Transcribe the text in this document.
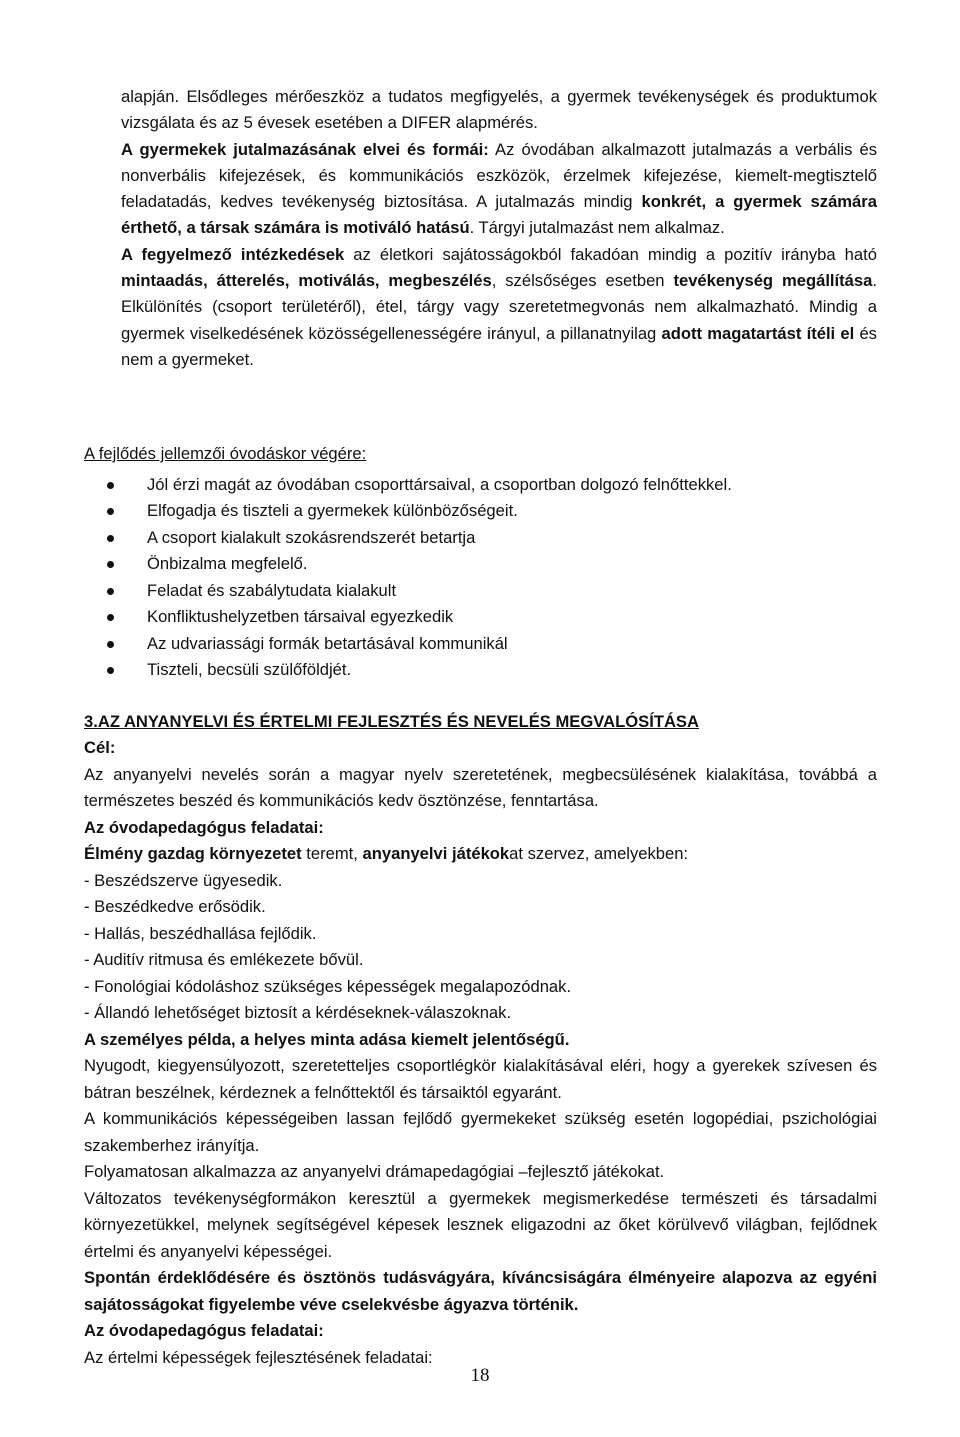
alapján. Elsődleges mérőeszköz a tudatos megfigyelés, a gyermek tevékenységek és produktumok vizsgálata és az 5 évesek esetében a DIFER alapmérés.

A gyermekek jutalmazásának elvei és formái: Az óvodában alkalmazott jutalmazás a verbális és nonverbális kifejezések, és kommunikációs eszközök, érzelmek kifejezése, kiemelt-megtisztelő feladatadás, kedves tevékenység biztosítása. A jutalmazás mindig konkrét, a gyermek számára érthető, a társak számára is motiváló hatású. Tárgyi jutalmazást nem alkalmaz.

A fegyelmező intézkedések az életkori sajátosságokból fakadóan mindig a pozitív irányba ható mintaadás, átterelés, motiválás, megbeszélés, szélsőséges esetben tevékenység megállítása. Elkülönítés (csoport területéről), étel, tárgy vagy szeretetmegvonás nem alkalmazható. Mindig a gyermek viselkedésének közösségellenességére irányul, a pillanatnyilag adott magatartást ítéli el és nem a gyermeket.

A fejlődés jellemzői óvodáskor végére:

Jól érzi magát az óvodában csoporttársaival, a csoportban dolgozó felnőttekkel.
Elfogadja és tiszteli a gyermekek különbözőségeit.
A csoport kialakult szokásrendszerét betartja
Önbizalma megfelelő.
Feladat és szabálytudata kialakult
Konfliktushelyzetben társaival egyezkedik
Az udvariassági formák betartásával kommunikál
Tiszteli, becsüli szülőföldjét.

3.AZ ANYANYELVI ÉS ÉRTELMI FEJLESZTÉS ÉS NEVELÉS MEGVALÓSÍTÁSA

Cél:

Az anyanyelvi nevelés során a magyar nyelv szeretetének, megbecsülésének kialakítása, továbbá a természetes beszéd és kommunikációs kedv ösztönzése, fenntartása.

Az óvodapedagógus feladatai:

Élmény gazdag környezetet teremt, anyanyelvi játékokat szervez, amelyekben:

- Beszédszerve ügyesedik.

- Beszédkedve erősödik.

- Hallás, beszédhallása fejlődik.

- Auditív ritmusa és emlékezete bővül.

- Fonológiai kódoláshoz szükséges képességek megalapozódnak.

- Állandó lehetőséget biztosít a kérdéseknek-válaszoknak.

A személyes példa, a helyes minta adása kiemelt jelentőségű.

Nyugodt, kiegyensúlyozott, szeretetteljes csoportlégkör kialakításával eléri, hogy a gyerekek szívesen és bátran beszélnek, kérdeznek a felnőttektől és társaiktól egyaránt.

A kommunikációs képességeiben lassan fejlődő gyermekeket szükség esetén logopédiai, pszichológiai szakemberhez irányítja.

Folyamatosan alkalmazza az anyanyelvi drámapedagógiai –fejlesztő játékokat.

Változatos tevékenységformákon keresztül a gyermekek megismerkedése természeti és társadalmi környezetükkel, melynek segítségével képesek lesznek eligazodni az őket körülvevő világban, fejlődnek értelmi és anyanyelvi képességei.

Spontán érdeklődésére és ösztönös tudásvágyára, kíváncsiságára élményeire alapozva az egyéni sajátosságokat figyelembe véve cselekvésbe ágyazva történik.

Az óvodapedagógus feladatai:

Az értelmi képességek fejlesztésének feladatai:

18
